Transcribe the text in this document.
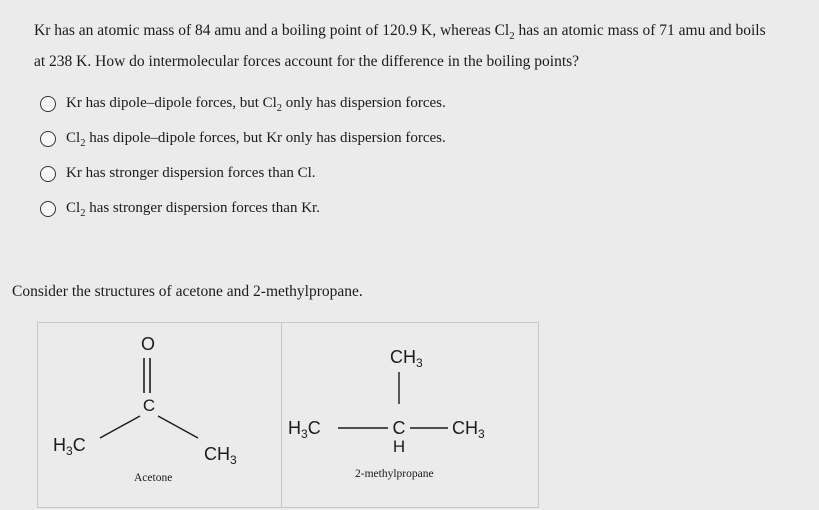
Kr has an atomic mass of 84 amu and a boiling point of 120.9 K, whereas $Cl_2$ has an atomic mass of 71 amu and boils
at 238 K. How do intermolecular forces account for the difference in the boiling points?
Kr has dipole–dipole forces, but $Cl_2$ only has dispersion forces.
$Cl_2$ has dipole–dipole forces, but Kr only has dispersion forces.
Kr has stronger dispersion forces than Cl.
$Cl_2$ has stronger dispersion forces than Kr.
Consider the structures of acetone and 2-methylpropane.
O
C
$H_3C$	$CH_3$
$CH_3$
$H_3C$	C
H
$CH_3$
Acetone	2-methylpropane
